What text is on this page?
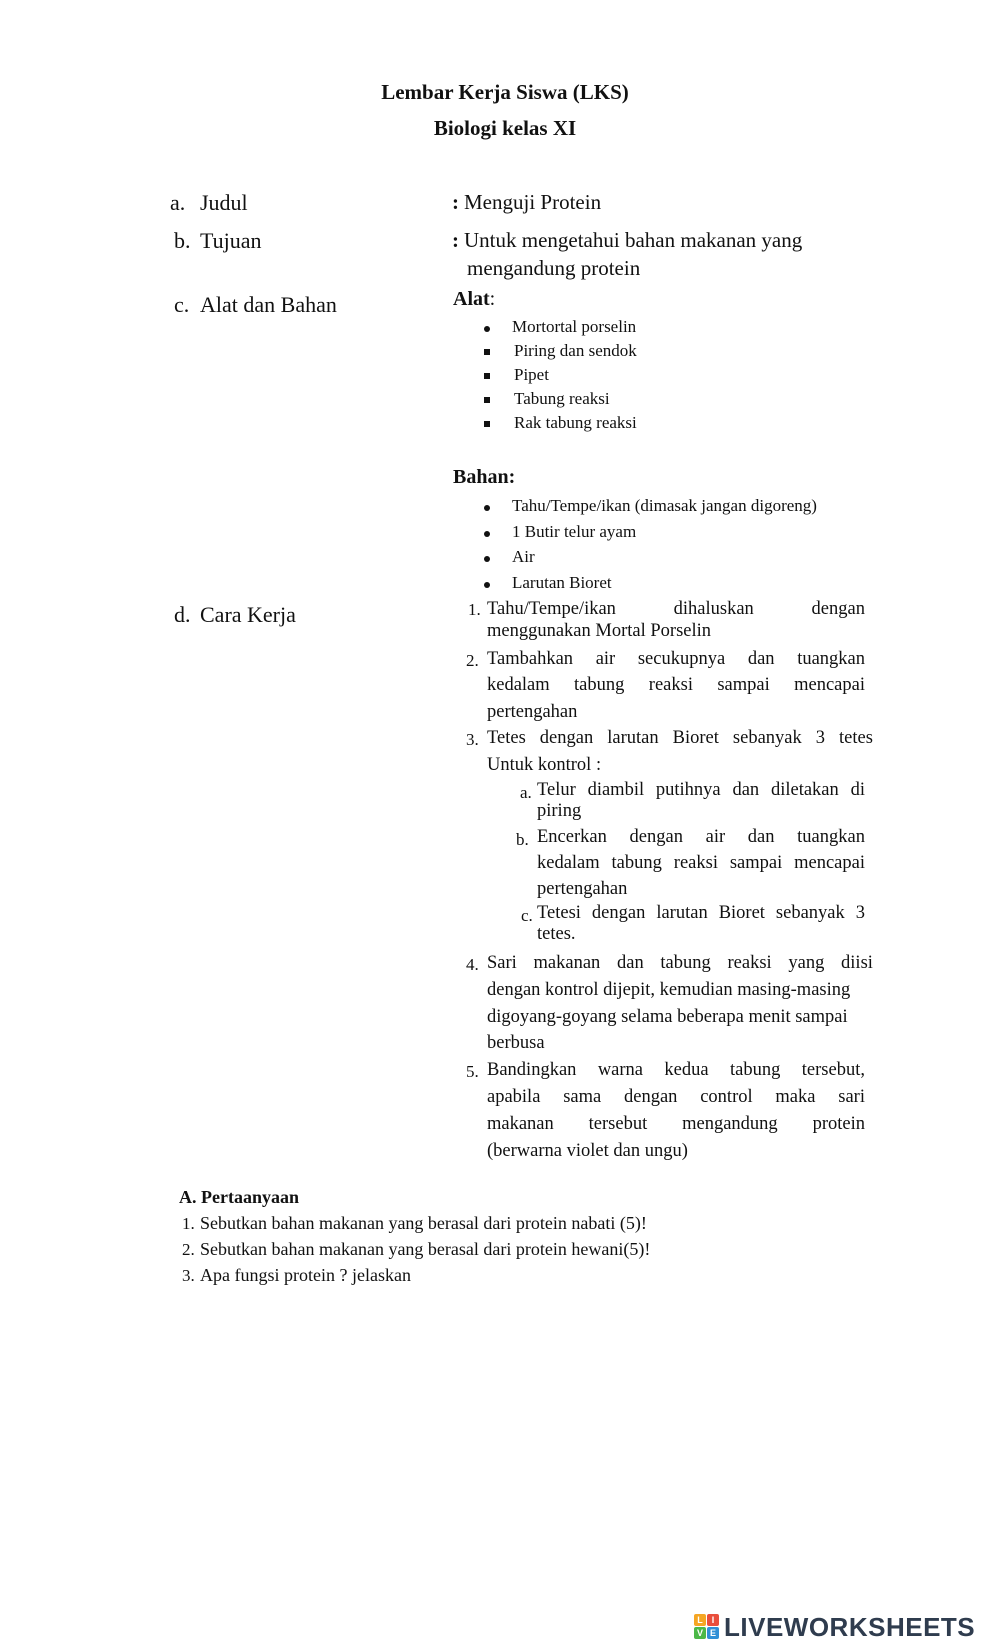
Lembar Kerja Siswa (LKS)
Biologi kelas XI
a. Judul	: Menguji Protein
b. Tujuan	: Untuk mengetahui bahan makanan yang
mengandung protein
c. Alat dan Bahan	Alat:
Mortortal porselin
Piring dan sendok
Pipet
Tabung reaksi
Rak tabung reaksi
Bahan:
Tahu/Tempe/ikan (dimasak jangan digoreng)
1 Butir telur ayam
Air
Larutan Bioret
d. Cara Kerja	1. Tahu/Tempe/ikan	dihaluskan	dengan
menggunakan Mortal Porselin
2. Tambahkan air secukupnya dan tuangkan
kedalam tabung reaksi sampai mencapai
pertengahan
3. Tetes dengan larutan Bioret sebanyak 3 tetes
Untuk kontrol :
a. Telur diambil putihnya dan diletakan di
piring
b. Encerkan dengan air dan tuangkan
kedalam tabung reaksi sampai mencapai
pertengahan
c. Tetesi dengan larutan Bioret sebanyak 3
tetes.
4. Sari makanan dan tabung reaksi yang diisi
dengan kontrol dijepit, kemudian masing-masing
digoyang-goyang selama beberapa menit sampai
berbusa
5. Bandingkan warna kedua tabung tersebut,
apabila sama dengan control maka sari
makanan tersebut mengandung protein
(berwarna violet dan ungu)
A. Pertaanyaan
1. Sebutkan bahan makanan yang berasal dari protein nabati (5)!
2. Sebutkan bahan makanan yang berasal dari protein hewani(5)!
3. Apa fungsi protein ? jelaskan
L I
V E LIVEWORKSHEETS
